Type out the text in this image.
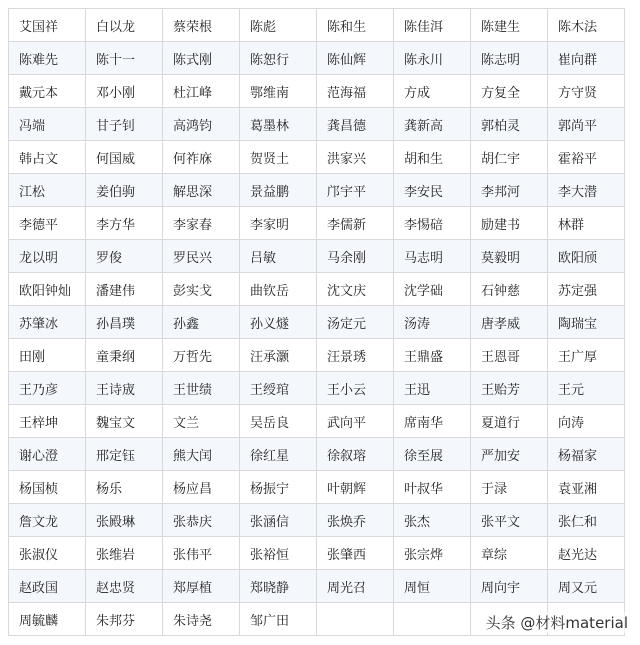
艾国祥	白以龙	蔡荣根	陈彪	陈和生	陈佳洱	陈建生	陈木法
陈难先	陈十一	陈式刚	陈恕行	陈仙辉	陈永川	陈志明	崔向群
戴元本	邓小刚	杜江峰	鄂维南	范海福	方成	方复全	方守贤
冯端	甘子钊	高鸿钧	葛墨林	龚昌德	龚新高	郭柏灵	郭尚平
韩占文	何国威	何祚庥	贺贤土	洪家兴	胡和生	胡仁宇	霍裕平
江松	姜伯驹	解思深	景益鹏	邝宇平	李安民	李邦河	李大潜
李德平	李方华	李家春	李家明	李儒新	李惕碚	励建书	林群
龙以明	罗俊	罗民兴	吕敏	马余刚	马志明	莫毅明	欧阳颀
欧阳钟灿	潘建伟	彭实戈	曲钦岳	沈文庆	沈学础	石钟慈	苏定强
苏肇冰	孙昌璞	孙鑫	孙义燧	汤定元	汤涛	唐孝威	陶瑞宝
田刚	童秉纲	万哲先	汪承灏	汪景琇	王鼎盛	王恩哥	王广厚
王乃彦	王诗宬	王世绩	王绶琯	王小云	王迅	王贻芳	王元
王梓坤	魏宝文	文兰	吴岳良	武向平	席南华	夏道行	向涛
谢心澄	邢定钰	熊大闰	徐红星	徐叙瑢	徐至展	严加安	杨福家
杨国桢	杨乐	杨应昌	杨振宁	叶朝辉	叶叔华	于渌	袁亚湘
詹文龙	张殿琳	张恭庆	张涵信	张焕乔	张杰	张平文	张仁和
张淑仪	张维岩	张伟平	张裕恒	张肇西	张宗烨	章综	赵光达
赵政国	赵忠贤	郑厚植	郑晓静	周光召	周恒	周向宇	周又元
周毓麟	朱邦芬	朱诗尧	邹广田					头条 @材料material
